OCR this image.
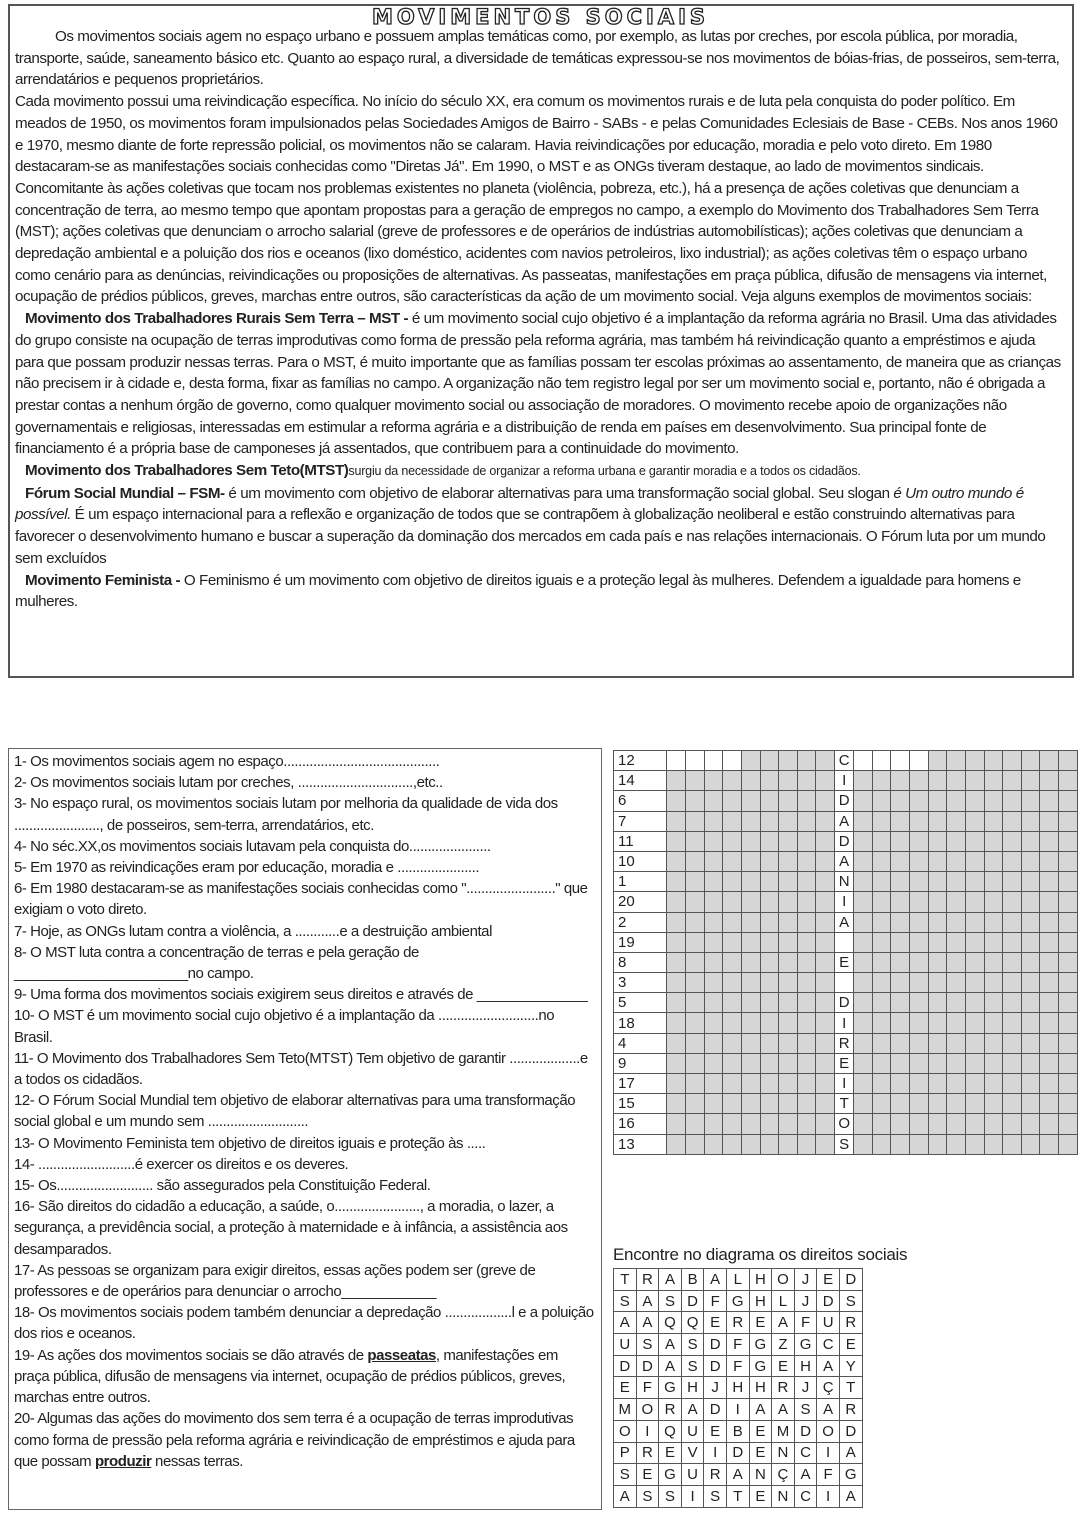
MOVIMENTOS SOCIAIS

Os movimentos sociais agem no espaço urbano e possuem amplas temáticas como, por exemplo, as lutas por creches, por escola pública, por moradia, transporte, saúde, saneamento básico etc. Quanto ao espaço rural, a diversidade de temáticas expressou-se nos movimentos de bóias-frias, de posseiros, sem-terra, arrendatários e pequenos proprietários.

Cada movimento possui uma reivindicação específica. No início do século XX, era comum os movimentos rurais e de luta pela conquista do poder político. Em meados de 1950, os movimentos foram impulsionados pelas Sociedades Amigos de Bairro - SABs - e pelas Comunidades Eclesiais de Base - CEBs. Nos anos 1960 e 1970, mesmo diante de forte repressão policial, os movimentos não se calaram. Havia reivindicações por educação, moradia e pelo voto direto. Em 1980 destacaram-se as manifestações sociais conhecidas como "Diretas Já". Em 1990, o MST e as ONGs tiveram destaque, ao lado de movimentos sindicais. Concomitante às ações coletivas que tocam nos problemas existentes no planeta (violência, pobreza, etc.), há a presença de ações coletivas que denunciam a concentração de terra, ao mesmo tempo que apontam propostas para a geração de empregos no campo, a exemplo do Movimento dos Trabalhadores Sem Terra (MST); ações coletivas que denunciam o arrocho salarial (greve de professores e de operários de indústrias automobilísticas); ações coletivas que denunciam a depredação ambiental e a poluição dos rios e oceanos (lixo doméstico, acidentes com navios petroleiros, lixo industrial); as ações coletivas têm o espaço urbano como cenário para as denúncias, reivindicações ou proposições de alternativas. As passeatas, manifestações em praça pública, difusão de mensagens via internet, ocupação de prédios públicos, greves, marchas entre outros, são características da ação de um movimento social. Veja alguns exemplos de movimentos sociais:

Movimento dos Trabalhadores Rurais Sem Terra – MST - é um movimento social cujo objetivo é a implantação da reforma agrária no Brasil. Uma das atividades do grupo consiste na ocupação de terras improdutivas como forma de pressão pela reforma agrária, mas também há reivindicação quanto a empréstimos e ajuda para que possam produzir nessas terras. Para o MST, é muito importante que as famílias possam ter escolas próximas ao assentamento, de maneira que as crianças não precisem ir à cidade e, desta forma, fixar as famílias no campo. A organização não tem registro legal por ser um movimento social e, portanto, não é obrigada a prestar contas a nenhum órgão de governo, como qualquer movimento social ou associação de moradores. O movimento recebe apoio de organizações não governamentais e religiosas, interessadas em estimular a reforma agrária e a distribuição de renda em países em desenvolvimento. Sua principal fonte de financiamento é a própria base de camponeses já assentados, que contribuem para a continuidade do movimento.

Movimento dos Trabalhadores Sem Teto(MTST)surgiu da necessidade de organizar a reforma urbana e garantir moradia e a todos os cidadãos.

Fórum Social Mundial – FSM- é um movimento com objetivo de elaborar alternativas para uma transformação social global. Seu slogan é Um outro mundo é possível. É um espaço internacional para a reflexão e organização de todos que se contrapõem à globalização neoliberal e estão construindo alternativas para favorecer o desenvolvimento humano e buscar a superação da dominação dos mercados em cada país e nas relações internacionais. O Fórum luta por um mundo sem excluídos

Movimento Feminista - O Feminismo é um movimento com objetivo de direitos iguais e a proteção legal às mulheres. Defendem a igualdade para homens e mulheres.

1- Os movimentos sociais agem no espaço..........................................

2- Os movimentos sociais lutam por creches, ...............................,etc..

3- No espaço rural, os movimentos sociais lutam por melhoria da qualidade de vida dos ......................., de posseiros, sem-terra, arrendatários, etc.

4- No séc.XX,os movimentos sociais lutavam pela conquista do......................

5- Em 1970 as reivindicações eram por educação, moradia e ......................

6- Em 1980 destacaram-se as manifestações sociais conhecidas como "........................" que exigiam o voto direto.

7- Hoje, as ONGs lutam contra a violência, a ............e a destruição ambiental

8- O MST luta contra a concentração de terras e pela geração de ______________________no campo.

9- Uma forma dos movimentos sociais exigirem seus direitos e através de ______________

10- O MST é um movimento social cujo objetivo é a implantação da ...........................no Brasil.

11- O Movimento dos Trabalhadores Sem Teto(MTST) Tem objetivo de garantir ...................e a todos os cidadãos.

12- O Fórum Social Mundial tem objetivo de elaborar alternativas para uma transformação social global e um mundo sem ...........................

13- O Movimento Feminista tem objetivo de direitos iguais e proteção às .....

14- ..........................é exercer os direitos e os deveres.

15- Os.......................... são assegurados pela Constituição Federal.

16- São direitos do cidadão a educação, a saúde, o......................., a moradia, o lazer, a segurança, a previdência social, a proteção à maternidade e à infância, a assistência aos desamparados.

17- As pessoas se organizam para exigir direitos, essas ações podem ser (greve de professores e de operários para denunciar o arrocho____________

18- Os movimentos sociais podem também denunciar a depredação ..................l e a poluição dos rios e oceanos.

19- As ações dos movimentos sociais se dão através de passeatas, manifestações em praça pública, difusão de mensagens via internet, ocupação de prédios públicos, greves, marchas entre outros.

20- Algumas das ações do movimento dos sem terra é a ocupação de terras improdutivas como forma de pressão pela reforma agrária e reivindicação de empréstimos e ajuda para que possam produzir nessas terras.

12										C												
14										I												
6										D												
7										A												
11										D												
10										A												
1										N												
20										I												
2										A												
19																						
8										E												
3																						
5										D												
18										I												
4										R												
9										E												
17										I												
15										T												
16										O												
13										S												
Encontre no diagrama os direitos sociais
T	R	A	B	A	L	H	O	J	E	D
S	A	S	D	F	G	H	L	J	D	S
A	A	Q	Q	E	R	E	A	F	U	R
U	S	A	S	D	F	G	Z	G	C	E
D	D	A	S	D	F	G	E	H	A	Y
E	F	G	H	J	H	H	R	J	Ç	T
M	O	R	A	D	I	A	A	S	A	R
O	I	Q	U	E	B	E	M	D	O	D
P	R	E	V	I	D	E	N	C	I	A
S	E	G	U	R	A	N	Ç	A	F	G
A	S	S	I	S	T	E	N	C	I	A
